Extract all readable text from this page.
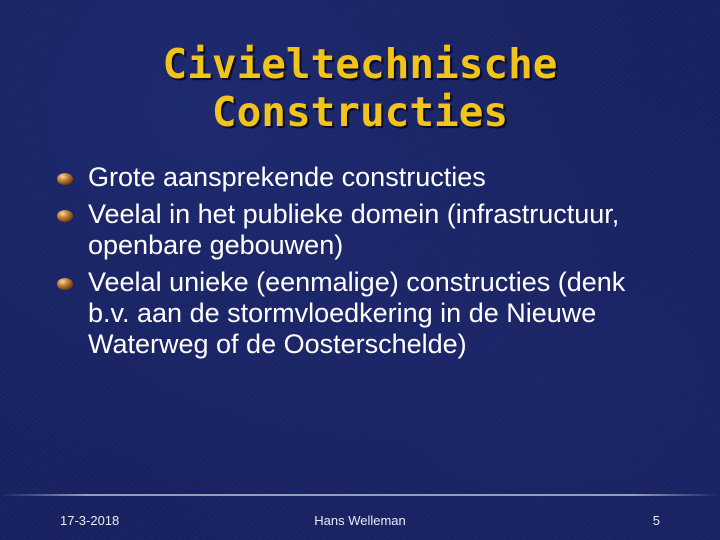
Civieltechnische
Constructies
Grote aansprekende constructies
Veelal in het publieke domein (infrastructuur, openbare gebouwen)
Veelal unieke (eenmalige) constructies (denk b.v. aan de stormvloedkering in de Nieuwe Waterweg of de Oosterschelde)
17-3-2018	Hans Welleman	5
